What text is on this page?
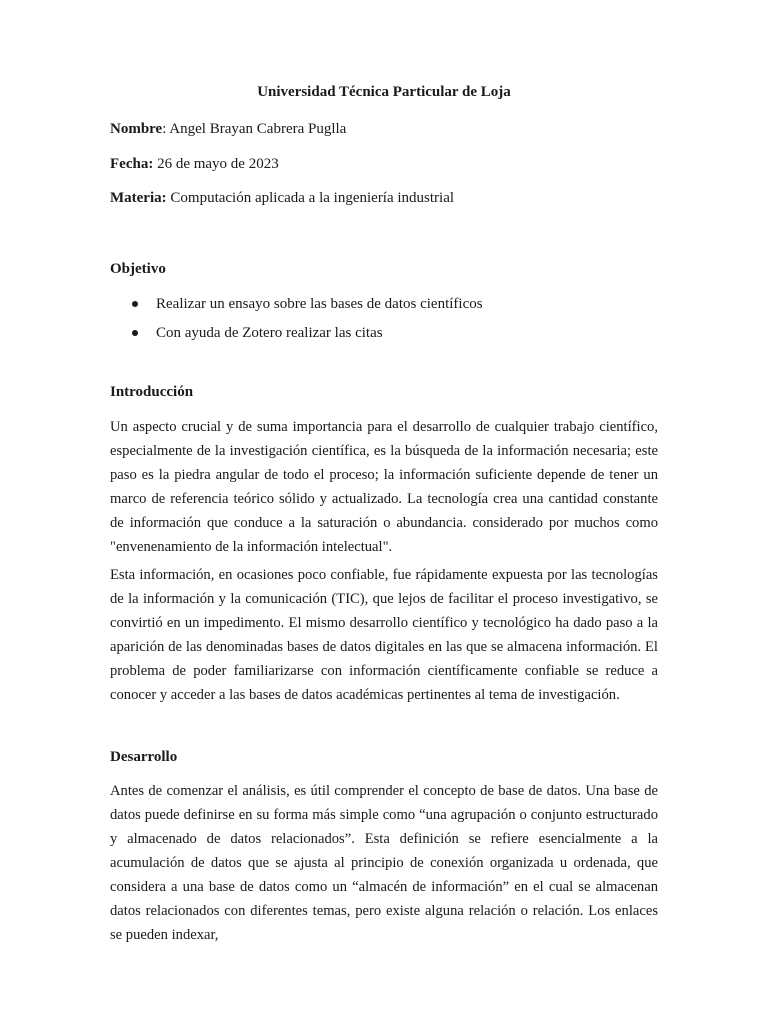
Universidad Técnica Particular de Loja
Nombre: Angel Brayan Cabrera Puglla
Fecha: 26 de mayo de 2023
Materia: Computación aplicada a la ingeniería industrial
Objetivo
Realizar un ensayo sobre las bases de datos científicos
Con ayuda de Zotero realizar las citas
Introducción

Un aspecto crucial y de suma importancia para el desarrollo de cualquier trabajo científico, especialmente de la investigación científica, es la búsqueda de la información necesaria; este paso es la piedra angular de todo el proceso; la información suficiente depende de tener un marco de referencia teórico sólido y actualizado. La tecnología crea una cantidad constante de información que conduce a la saturación o abundancia. considerado por muchos como "envenenamiento de la información intelectual".

Esta información, en ocasiones poco confiable, fue rápidamente expuesta por las tecnologías de la información y la comunicación (TIC), que lejos de facilitar el proceso investigativo, se convirtió en un impedimento. El mismo desarrollo científico y tecnológico ha dado paso a la aparición de las denominadas bases de datos digitales en las que se almacena información. El problema de poder familiarizarse con información científicamente confiable se reduce a conocer y acceder a las bases de datos académicas pertinentes al tema de investigación.

Desarrollo

Antes de comenzar el análisis, es útil comprender el concepto de base de datos. Una base de datos puede definirse en su forma más simple como “una agrupación o conjunto estructurado y almacenado de datos relacionados”. Esta definición se refiere esencialmente a la acumulación de datos que se ajusta al principio de conexión organizada u ordenada, que considera a una base de datos como un “almacén de información” en el cual se almacenan datos relacionados con diferentes temas, pero existe alguna relación o relación. Los enlaces se pueden indexar,
